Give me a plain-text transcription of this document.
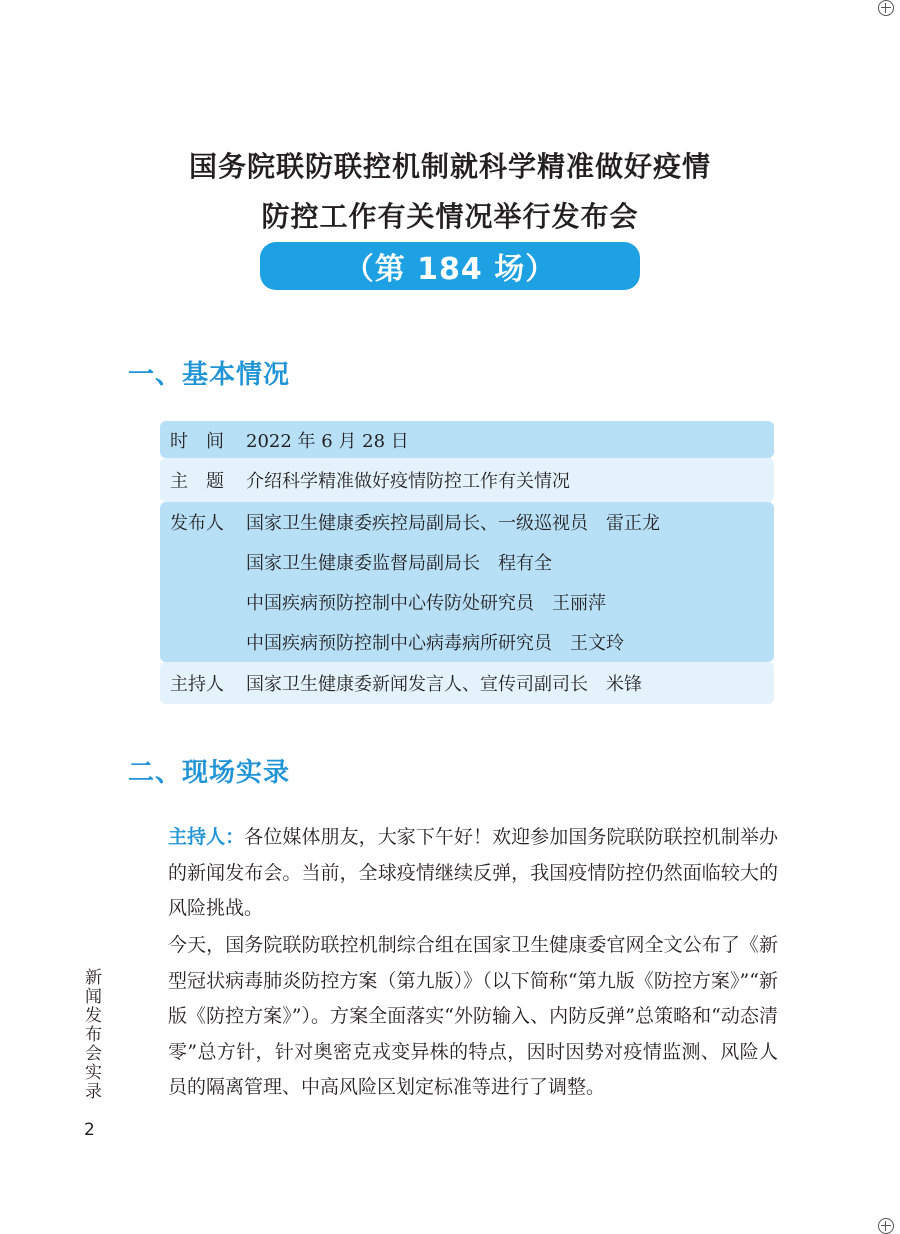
国务院联防联控机制就科学精准做好疫情
防控工作有关情况举行发布会
（第 184 场）
一、基本情况
时　间	2022 年 6 月 28 日
主　题	介绍科学精准做好疫情防控工作有关情况
发布人	国家卫生健康委疾控局副局长、一级巡视员　雷正龙
国家卫生健康委监督局副局长　程有全
中国疾病预防控制中心传防处研究员　王丽萍
中国疾病预防控制中心病毒病所研究员　王文玲
主持人	国家卫生健康委新闻发言人、宣传司副司长　米锋
二、现场实录
主持人：各位媒体朋友，大家下午好！欢迎参加国务院联防联控机制举办的新闻发布会。当前，全球疫情继续反弹，我国疫情防控仍然面临较大的风险挑战。
今天，国务院联防联控机制综合组在国家卫生健康委官网全文公布了《新型冠状病毒肺炎防控方案（第九版）》（以下简称“第九版《防控方案》”“新版《防控方案》”）。方案全面落实“外防输入、内防反弹”总策略和“动态清零”总方针，针对奥密克戎变异株的特点，因时因势对疫情监测、风险人员的隔离管理、中高风险区划定标准等进行了调整。
新闻发布会实录
2
